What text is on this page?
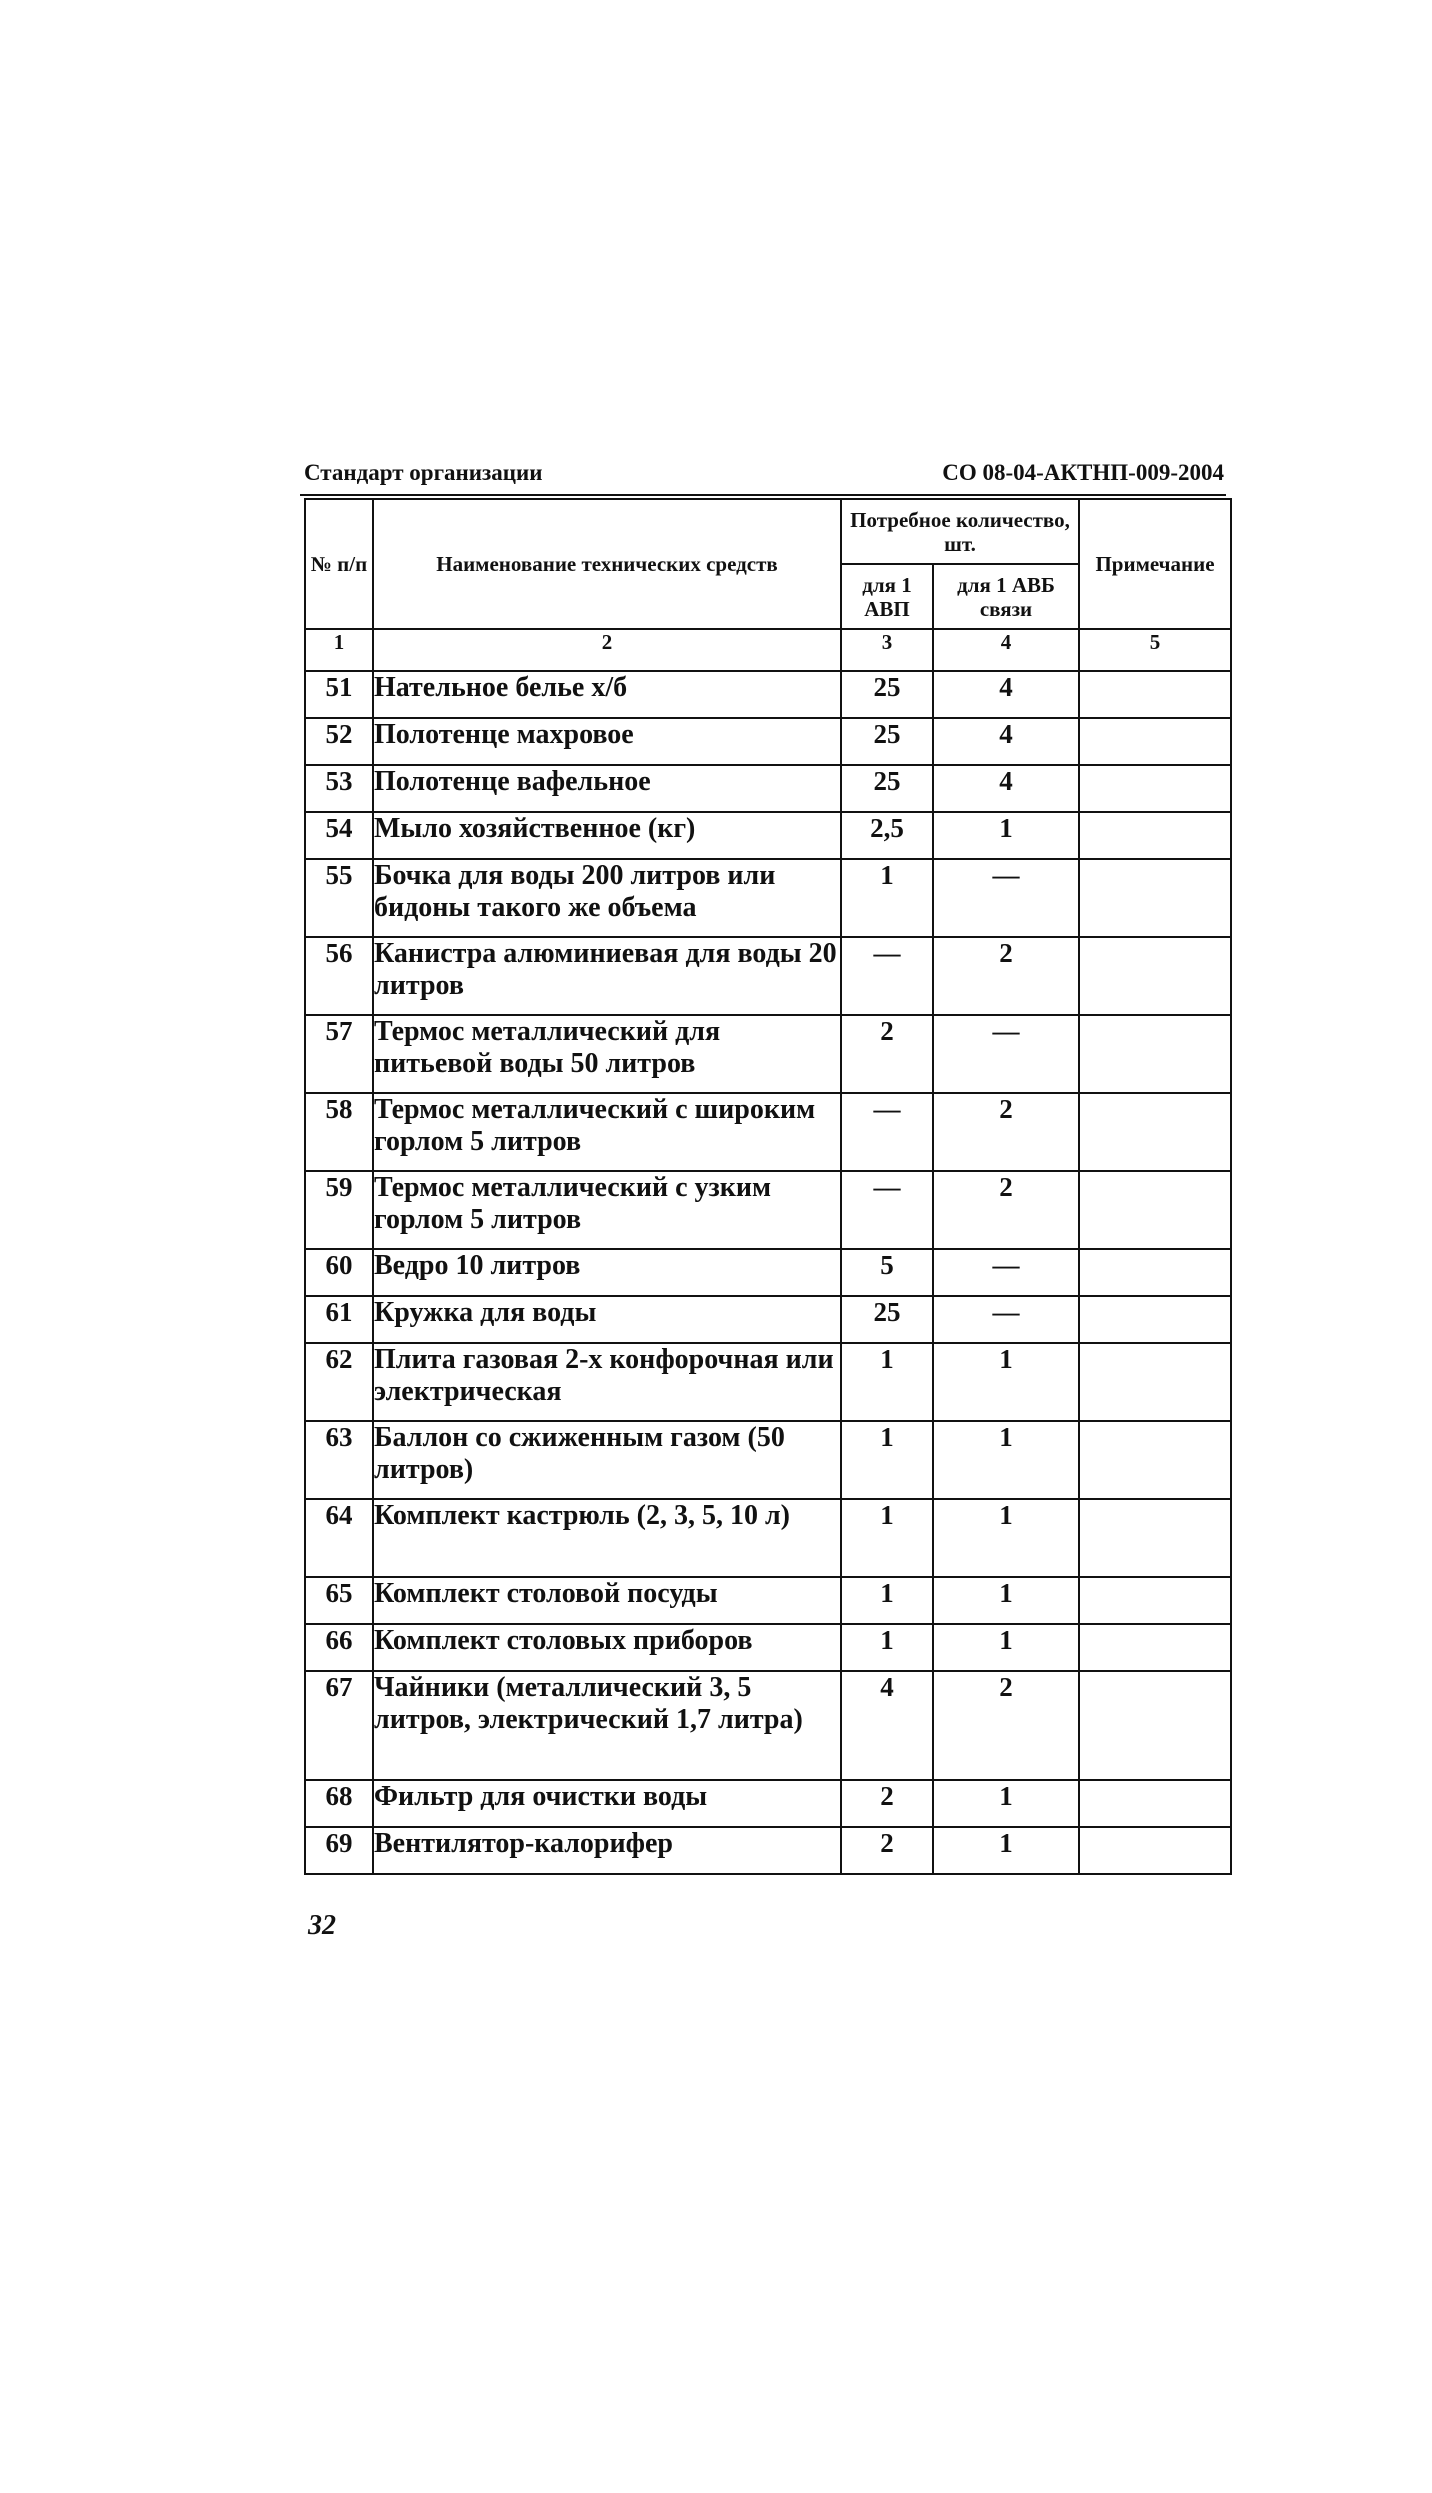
Стандарт организации	СО 08-04-АКТНП-009-2004
№ п/п	Наименование технических средств	Потребное количество, шт.		Примечание
		для 1 АВП	для 1 АВБ связи	
1	2	3	4	5
51	Нательное белье х/б	25	4	
52	Полотенце махровое	25	4	
53	Полотенце вафельное	25	4	
54	Мыло хозяйственное (кг)	2,5	1	
55	Бочка для воды 200 литров или бидоны такого же объема	1	—	
56	Канистра алюминиевая для воды 20 литров	—	2	
57	Термос металлический для питьевой воды 50 литров	2	—	
58	Термос металлический с широким горлом 5 литров	—	2	
59	Термос металлический с узким горлом 5 литров	—	2	
60	Ведро 10 литров	5	—	
61	Кружка для воды	25	—	
62	Плита газовая 2-х конфорочная или электрическая	1	1	
63	Баллон со сжиженным газом (50 литров)	1	1	
64	Комплект кастрюль (2, 3, 5, 10 л)	1	1	
65	Комплект столовой посуды	1	1	
66	Комплект столовых приборов	1	1	
67	Чайники (металлический 3, 5 литров, электрический 1,7 литра)	4	2	
68	Фильтр для очистки воды	2	1	
69	Вентилятор-калорифер	2	1	
32
